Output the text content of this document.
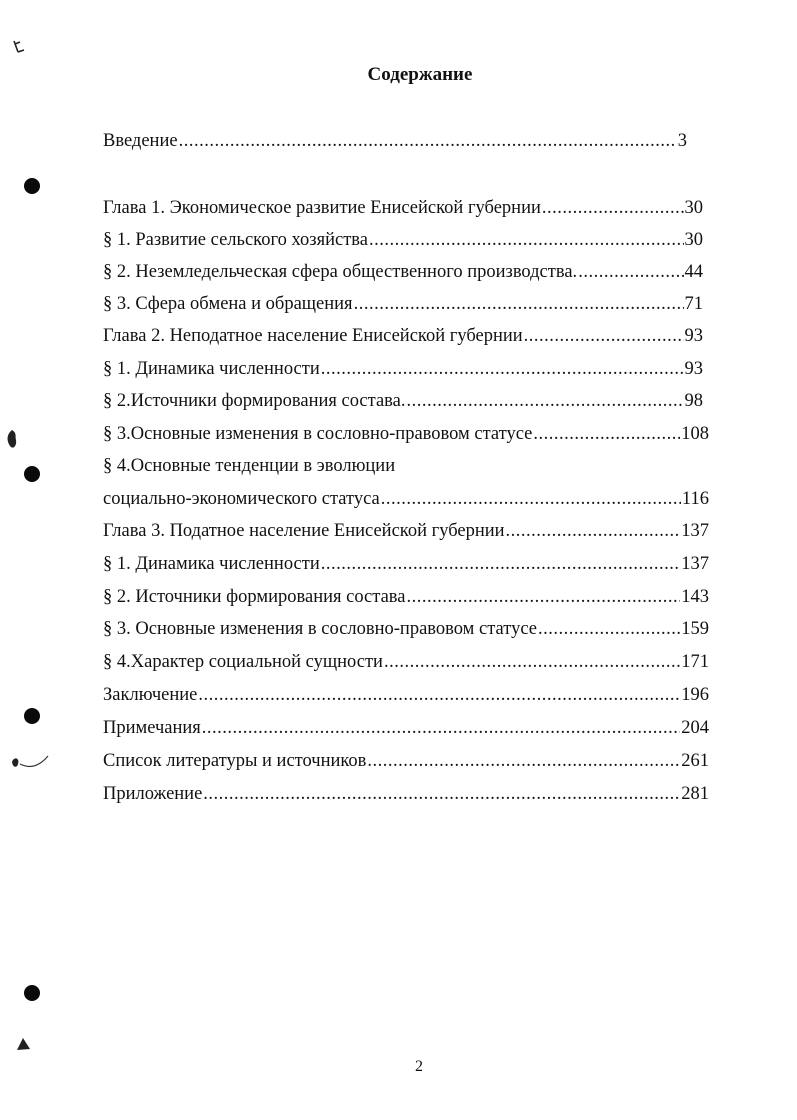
Содержание
Введение .....	3
Глава 1. Экономическое развитие Енисейской губернии .....	30
§ 1. Развитие сельского хозяйства .....	30
§ 2. Неземледельческая сфера общественного производства. .....	44
§ 3. Сфера обмена и обращения .....	71
Глава 2. Неподатное население Енисейской губернии .....	93
§ 1. Динамика численности .....	93
§ 2.Источники формирования состава. .....	98
§ 3.Основные изменения в сословно-правовом статусе .....	108
§ 4.Основные тенденции в эволюции
социально-экономического статуса .....	116
Глава 3. Податное население Енисейской губернии .....	137
§ 1. Динамика численности .....	137
§ 2. Источники формирования состава .....	143
§ 3. Основные изменения в сословно-правовом статусе .....	159
§ 4.Характер социальной сущности .....	171
Заключение .....	196
Примечания .....	204
Список литературы и источников .....	261
Приложение .....	281
2
